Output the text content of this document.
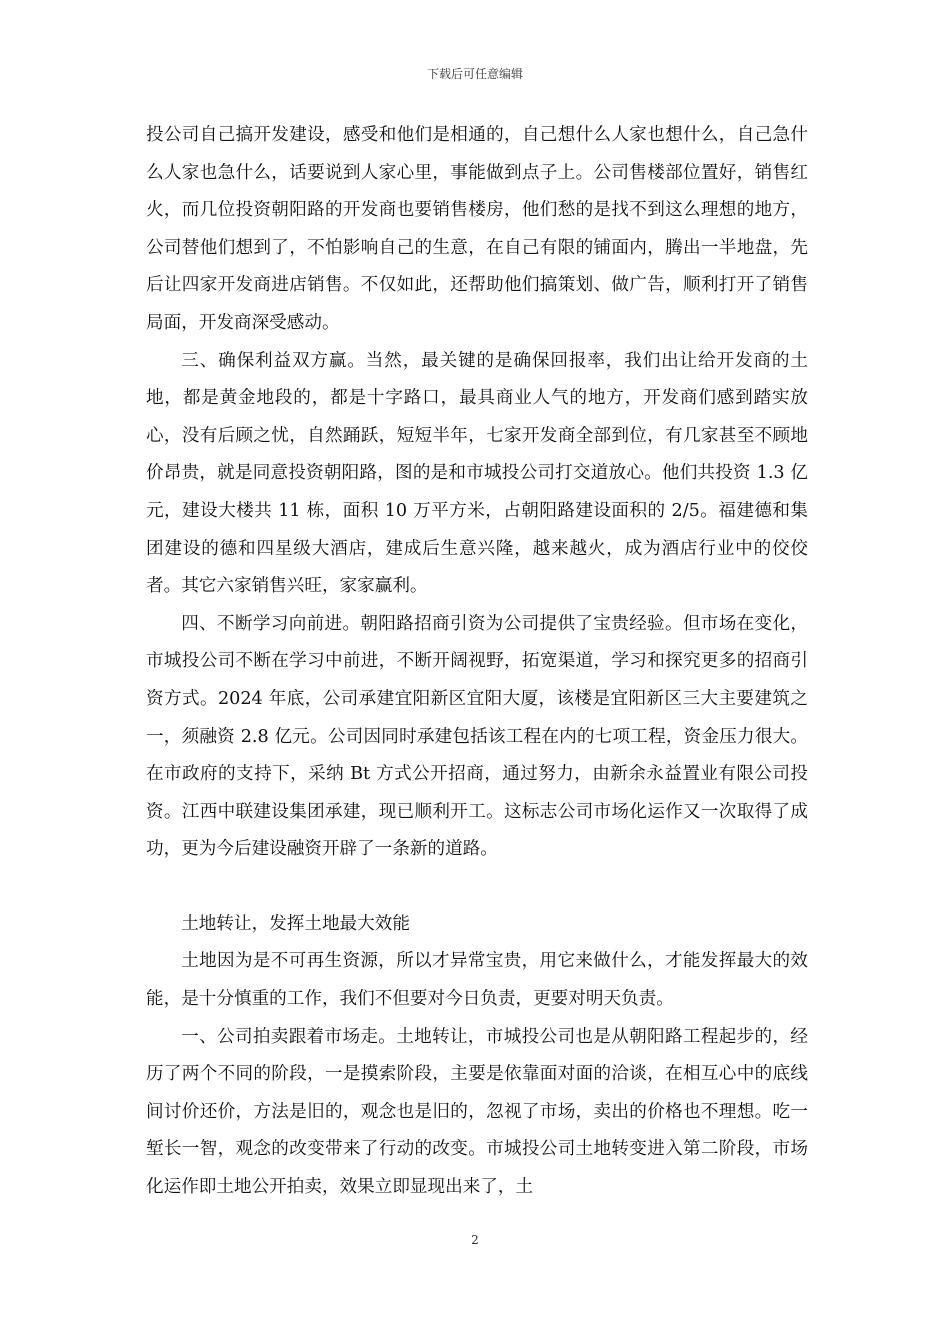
下载后可任意编辑

投公司自己搞开发建设，感受和他们是相通的，自己想什么人家也想什么，自己急什么人家也急什么，话要说到人家心里，事能做到点子上。公司售楼部位置好，销售红火，而几位投资朝阳路的开发商也要销售楼房，他们愁的是找不到这么理想的地方，公司替他们想到了，不怕影响自己的生意，在自己有限的铺面内，腾出一半地盘，先后让四家开发商进店销售。不仅如此，还帮助他们搞策划、做广告，顺利打开了销售局面，开发商深受感动。

三、确保利益双方赢。当然，最关键的是确保回报率，我们出让给开发商的土地，都是黄金地段的，都是十字路口，最具商业人气的地方，开发商们感到踏实放心，没有后顾之忧，自然踊跃，短短半年，七家开发商全部到位，有几家甚至不顾地价昂贵，就是同意投资朝阳路，图的是和市城投公司打交道放心。他们共投资 1.3 亿元，建设大楼共 11 栋，面积 10 万平方米，占朝阳路建设面积的 2/5。福建德和集团建设的德和四星级大酒店，建成后生意兴隆，越来越火，成为酒店行业中的佼佼者。其它六家销售兴旺，家家赢利。

四、不断学习向前进。朝阳路招商引资为公司提供了宝贵经验。但市场在变化，市城投公司不断在学习中前进，不断开阔视野，拓宽渠道，学习和探究更多的招商引资方式。2024 年底，公司承建宜阳新区宜阳大厦，该楼是宜阳新区三大主要建筑之一，须融资 2.8 亿元。公司因同时承建包括该工程在内的七项工程，资金压力很大。在市政府的支持下，采纳 Bt 方式公开招商，通过努力，由新余永益置业有限公司投资。江西中联建设集团承建，现已顺利开工。这标志公司市场化运作又一次取得了成功，更为今后建设融资开辟了一条新的道路。

土地转让，发挥土地最大效能

土地因为是不可再生资源，所以才异常宝贵，用它来做什么，才能发挥最大的效能，是十分慎重的工作，我们不但要对今日负责，更要对明天负责。

一、公司拍卖跟着市场走。土地转让，市城投公司也是从朝阳路工程起步的，经历了两个不同的阶段，一是摸索阶段，主要是依靠面对面的洽谈，在相互心中的底线间讨价还价，方法是旧的，观念也是旧的，忽视了市场，卖出的价格也不理想。吃一堑长一智，观念的改变带来了行动的改变。市城投公司土地转变进入第二阶段，市场化运作即土地公开拍卖，效果立即显现出来了，土

2
